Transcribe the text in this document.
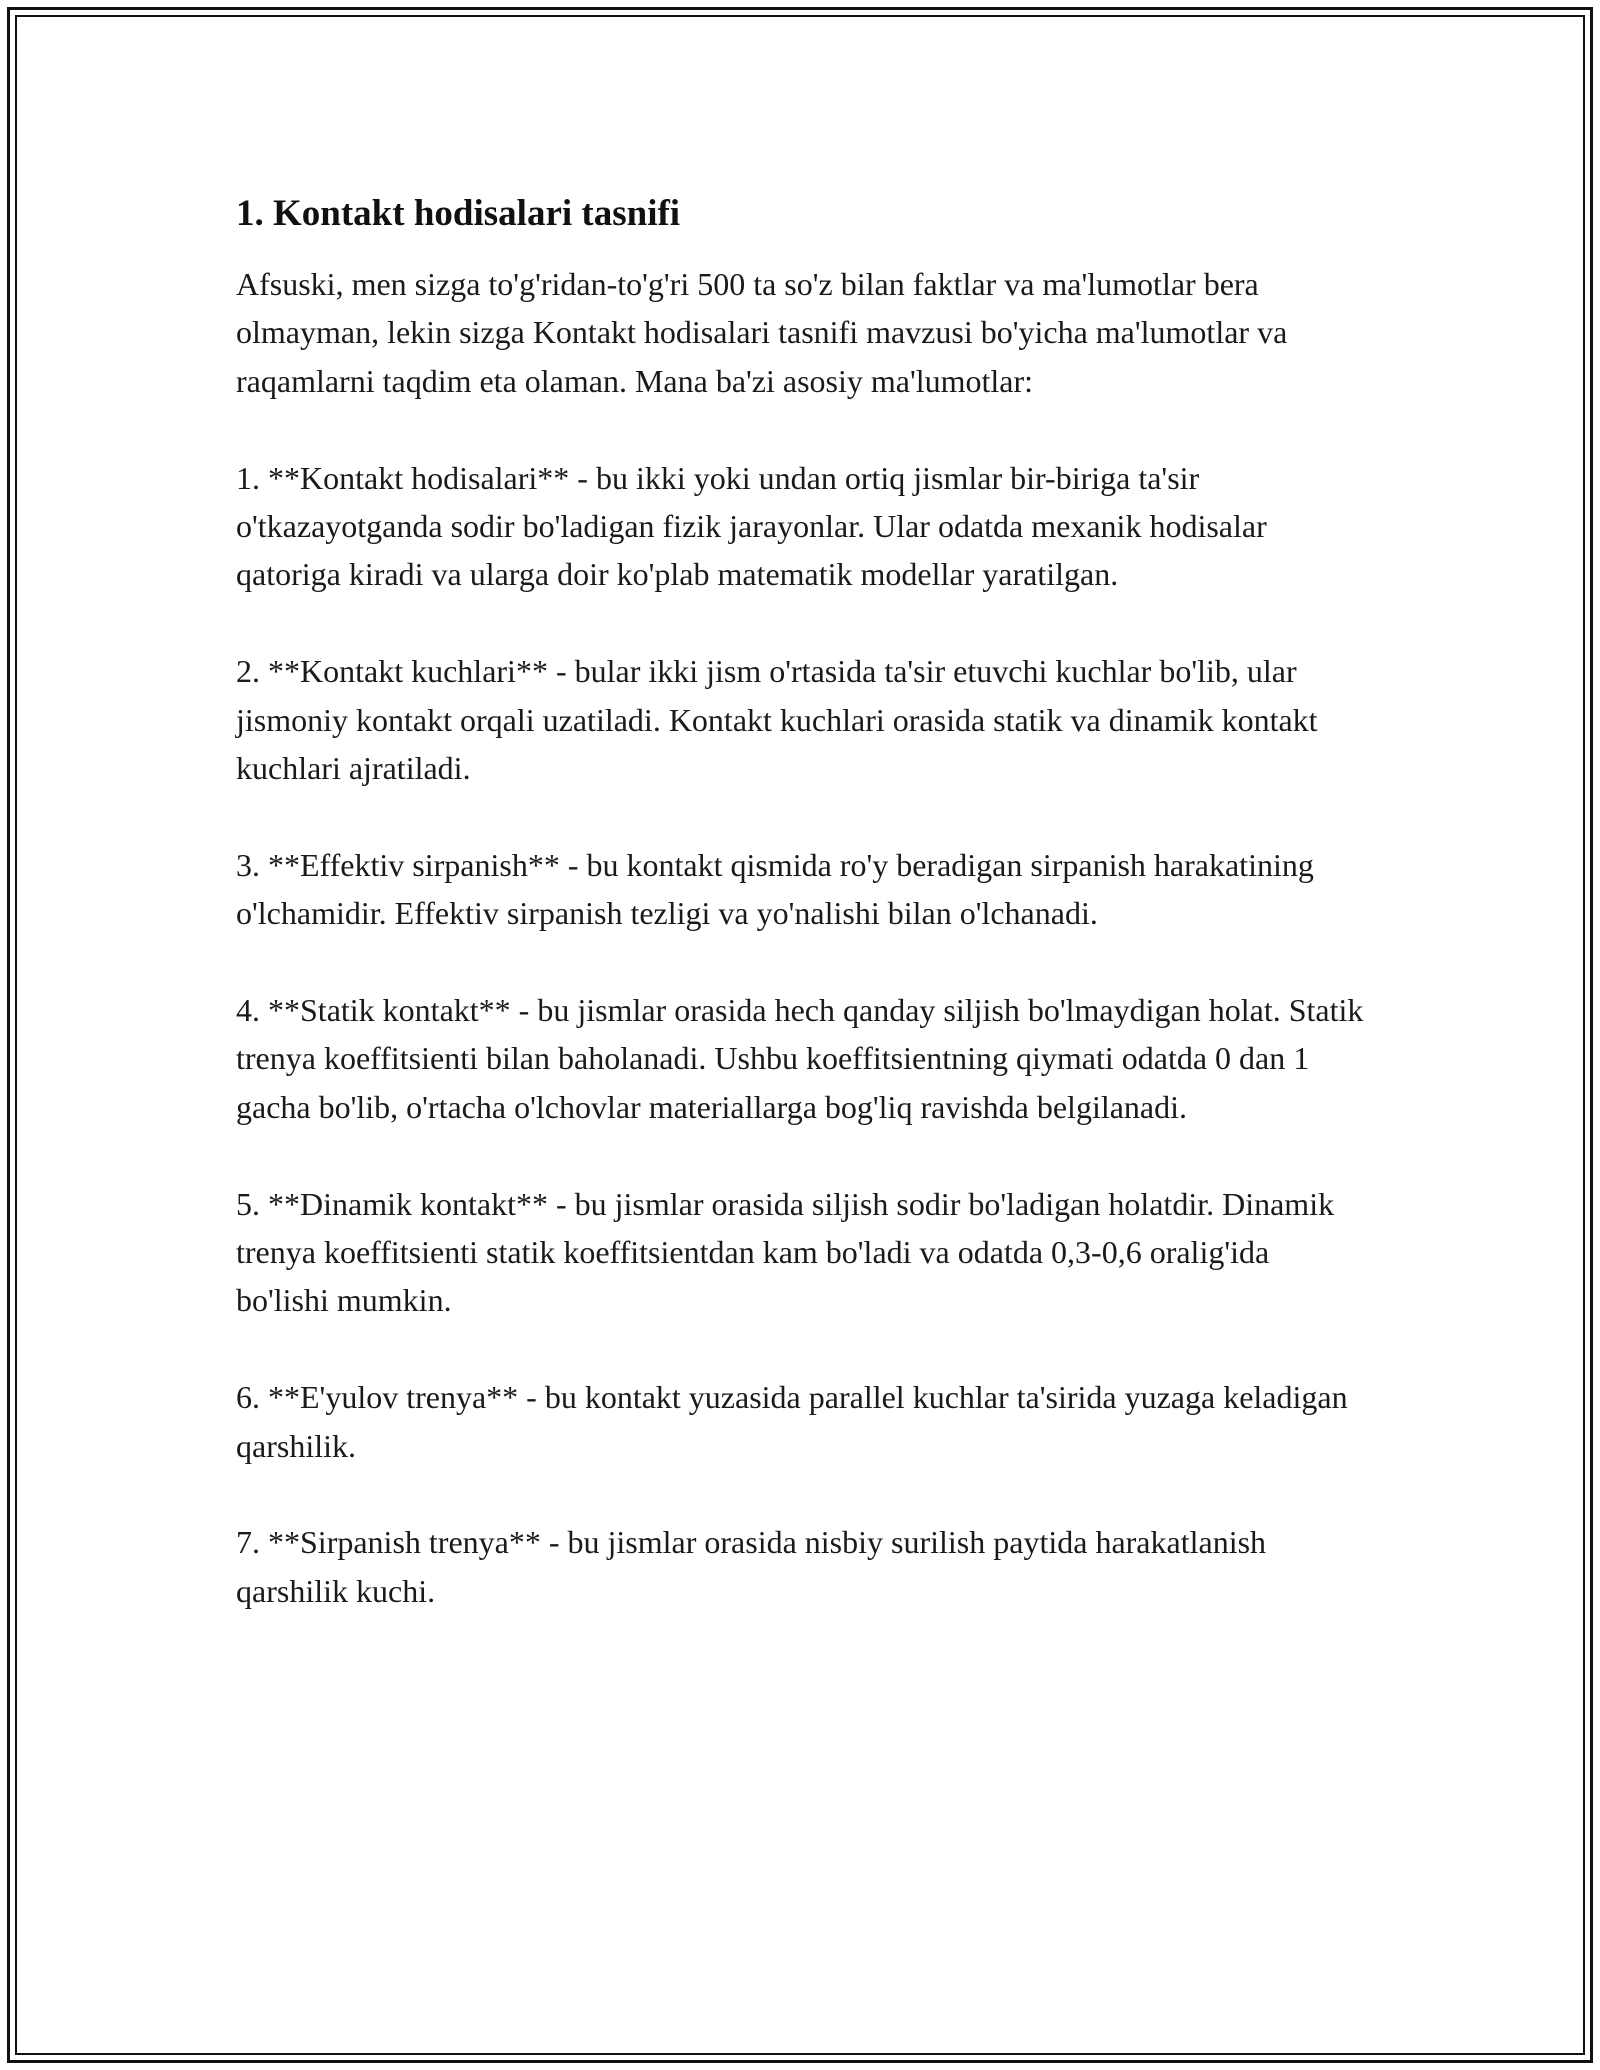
1. Kontakt hodisalari tasnifi

Afsuski, men sizga to'g'ridan-to'g'ri 500 ta so'z bilan faktlar va ma'lumotlar bera olmayman, lekin sizga Kontakt hodisalari tasnifi mavzusi bo'yicha ma'lumotlar va raqamlarni taqdim eta olaman. Mana ba'zi asosiy ma'lumotlar:

1. **Kontakt hodisalari** - bu ikki yoki undan ortiq jismlar bir-biriga ta'sir o'tkazayotganda sodir bo'ladigan fizik jarayonlar. Ular odatda mexanik hodisalar qatoriga kiradi va ularga doir ko'plab matematik modellar yaratilgan.

2. **Kontakt kuchlari** - bular ikki jism o'rtasida ta'sir etuvchi kuchlar bo'lib, ular jismoniy kontakt orqali uzatiladi. Kontakt kuchlari orasida statik va dinamik kontakt kuchlari ajratiladi.

3. **Effektiv sirpanish** - bu kontakt qismida ro'y beradigan sirpanish harakatining o'lchamidir. Effektiv sirpanish tezligi va yo'nalishi bilan o'lchanadi.

4. **Statik kontakt** - bu jismlar orasida hech qanday siljish bo'lmaydigan holat. Statik trenya koeffitsienti bilan baholanadi. Ushbu koeffitsientning qiymati odatda 0 dan 1 gacha bo'lib, o'rtacha o'lchovlar materiallarga bog'liq ravishda belgilanadi.

5. **Dinamik kontakt** - bu jismlar orasida siljish sodir bo'ladigan holatdir. Dinamik trenya koeffitsienti statik koeffitsientdan kam bo'ladi va odatda 0,3-0,6 oralig'ida bo'lishi mumkin.

6. **E'yulov trenya** - bu kontakt yuzasida parallel kuchlar ta'sirida yuzaga keladigan qarshilik.

7. **Sirpanish trenya** - bu jismlar orasida nisbiy surilish paytida harakatlanish qarshilik kuchi.
